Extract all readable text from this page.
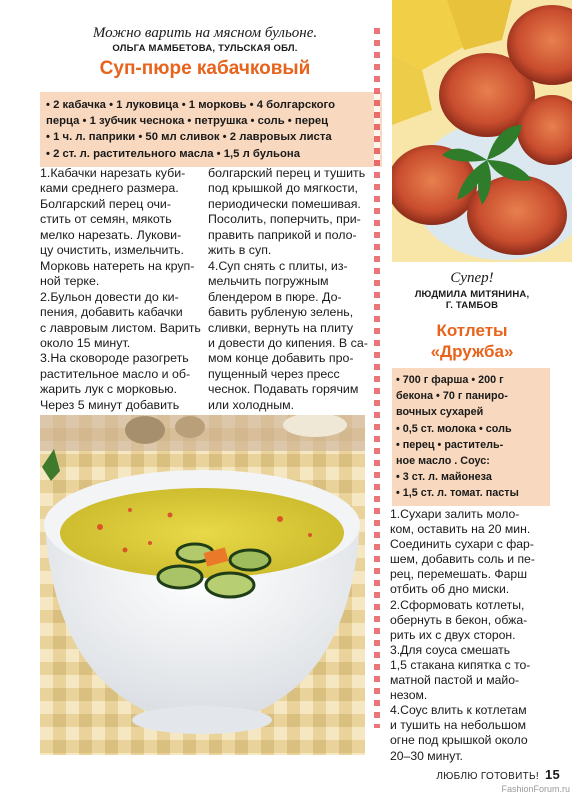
Можно варить на мясном бульоне.
ОЛЬГА МАМБЕТОВА, ТУЛЬСКАЯ ОБЛ.
Суп-пюре кабачковый
• 2 кабачка • 1 луковица • 1 морковь • 4 болгарского
перца • 1 зубчик чеснока • петрушка • соль • перец
• 1 ч. л. паприки • 50 мл сливок • 2 лавровых листа
• 2 ст. л. растительного масла • 1,5 л бульона
1.Кабачки нарезать куби-
ками среднего размера.
Болгарский перец очи-
стить от семян, мякоть
мелко нарезать. Лукови-
цу очистить, измельчить.
Морковь натереть на круп-
ной терке.
2.Бульон довести до ки-
пения, добавить кабачки
с лавровым листом. Варить
около 15 минут.
3.На сковороде разогреть
растительное масло и об-
жарить лук с морковью.
Через 5 минут добавить
болгарский перец и тушить
под крышкой до мягкости,
периодически помешивая.
Посолить, поперчить, при-
править паприкой и поло-
жить в суп.
4.Суп снять с плиты, из-
мельчить погружным
блендером в пюре. До-
бавить рубленую зелень,
сливки, вернуть на плиту
и довести до кипения. В са-
мом конце добавить про-
пущенный через пресс
чеснок. Подавать горячим
или холодным.
Супер!
ЛЮДМИЛА МИТЯНИНА,
Г. ТАМБОВ
Котлеты
«Дружба»
• 700 г фарша • 200 г
бекона • 70 г паниро-
вочных сухарей
• 0,5 ст. молока • соль
• перец • раститель-
ное масло . Соус:
• 3 ст. л. майонеза
• 1,5 ст. л. томат. пасты
1.Сухари залить моло-
ком, оставить на 20 мин.
Соединить сухари с фар-
шем, добавить соль и пе-
рец, перемешать. Фарш
отбить об дно миски.
2.Сформовать котлеты,
обернуть в бекон, обжа-
рить их с двух сторон.
3.Для соуса смешать
1,5 стакана кипятка с то-
матной пастой и майо-
незом.
4.Соус влить к котлетам
и тушить на небольшом
огне под крышкой около
20–30 минут.
ЛЮБЛЮ ГОТОВИТЬ! 15
FashionForum.ru
